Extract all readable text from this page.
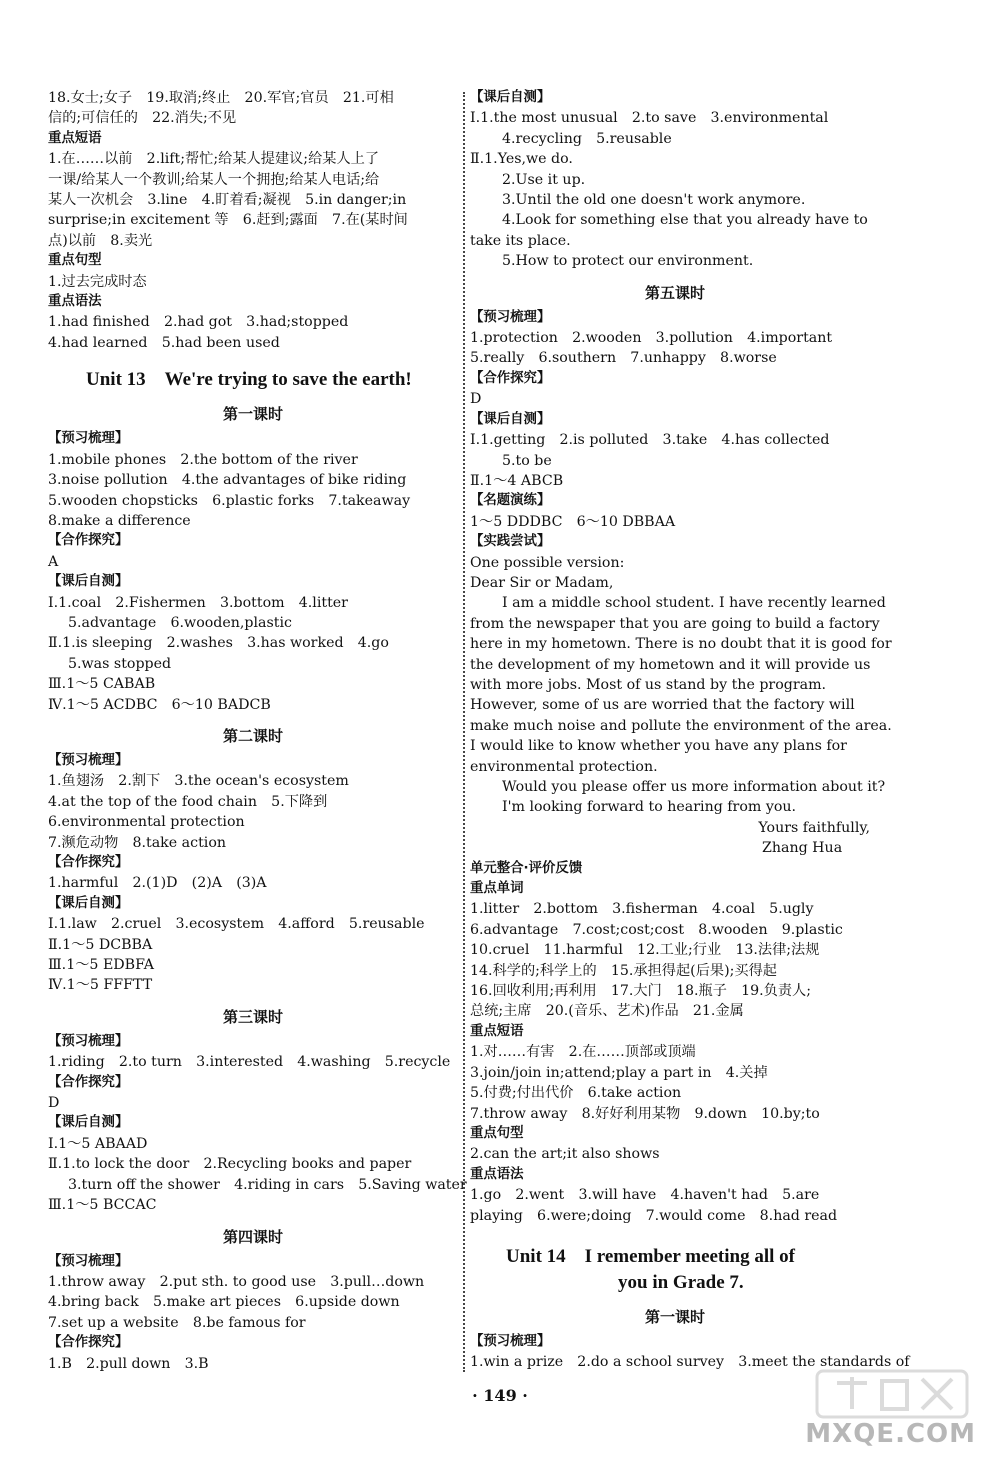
18.女士;女子　19.取消;终止　20.军官;官员　21.可相
信的;可信任的　22.消失;不见
重点短语
1.在……以前　2.lift;帮忙;给某人提建议;给某人上了
一课/给某人一个教训;给某人一个拥抱;给某人电话;给
某人一次机会　3.line　4.盯着看;凝视　5.in danger;in
surprise;in excitement 等　6.赶到;露面　7.在(某时间
点)以前　8.卖光
重点句型
1.过去完成时态
重点语法
1.had finished　2.had got　3.had;stopped
4.had learned　5.had been used
Unit 13　We're trying to save the earth!
第一课时
【预习梳理】
1.mobile phones　2.the bottom of the river
3.noise pollution　4.the advantages of bike riding
5.wooden chopsticks　6.plastic forks　7.takeaway
8.make a difference
【合作探究】
A
【课后自测】
Ⅰ.1.coal　2.Fishermen　3.bottom　4.litter
5.advantage　6.wooden,plastic
Ⅱ.1.is sleeping　2.washes　3.has worked　4.go
5.was stopped
Ⅲ.1～5 CABAB
Ⅳ.1～5 ACDBC　6～10 BADCB
第二课时
【预习梳理】
1.鱼翅汤　2.割下　3.the ocean's ecosystem
4.at the top of the food chain　5.下降到
6.environmental protection
7.濒危动物　8.take action
【合作探究】
1.harmful　2.(1)D　(2)A　(3)A
【课后自测】
Ⅰ.1.law　2.cruel　3.ecosystem　4.afford　5.reusable
Ⅱ.1～5 DCBBA
Ⅲ.1～5 EDBFA
Ⅳ.1～5 FFFTT
第三课时
【预习梳理】
1.riding　2.to turn　3.interested　4.washing　5.recycle
【合作探究】
D
【课后自测】
Ⅰ.1～5 ABAAD
Ⅱ.1.to lock the door　2.Recycling books and paper
3.turn off the shower　4.riding in cars　5.Saving water
Ⅲ.1～5 BCCAC
第四课时
【预习梳理】
1.throw away　2.put sth. to good use　3.pull…down
4.bring back　5.make art pieces　6.upside down
7.set up a website　8.be famous for
【合作探究】
1.B　2.pull down　3.B
【课后自测】
Ⅰ.1.the most unusual　2.to save　3.environmental
4.recycling　5.reusable
Ⅱ.1.Yes,we do.
2.Use it up.
3.Until the old one doesn't work anymore.
4.Look for something else that you already have to
take its place.
5.How to protect our environment.
第五课时
【预习梳理】
1.protection　2.wooden　3.pollution　4.important
5.really　6.southern　7.unhappy　8.worse
【合作探究】
D
【课后自测】
Ⅰ.1.getting　2.is polluted　3.take　4.has collected
5.to be
Ⅱ.1～4 ABCB
【名题演练】
1～5 DDDBC　6～10 DBBAA
【实践尝试】
One possible version:
Dear Sir or Madam,
I am a middle school student. I have recently learned
from the newspaper that you are going to build a factory
here in my hometown. There is no doubt that it is good for
the development of my hometown and it will provide us
with more jobs. Most of us stand by the program.
However, some of us are worried that the factory will
make much noise and pollute the environment of the area.
I would like to know whether you have any plans for
environmental protection.
Would you please offer us more information about it?
I'm looking forward to hearing from you.
Yours faithfully,
Zhang Hua
单元整合·评价反馈
重点单词
1.litter　2.bottom　3.fisherman　4.coal　5.ugly
6.advantage　7.cost;cost;cost　8.wooden　9.plastic
10.cruel　11.harmful　12.工业;行业　13.法律;法规
14.科学的;科学上的　15.承担得起(后果);买得起
16.回收利用;再利用　17.大门　18.瓶子　19.负责人;
总统;主席　20.(音乐、艺术)作品　21.金属
重点短语
1.对……有害　2.在……顶部或顶端
3.join/join in;attend;play a part in　4.关掉
5.付费;付出代价　6.take action
7.throw away　8.好好利用某物　9.down　10.by;to
重点句型
2.can the art;it also shows
重点语法
1.go　2.went　3.will have　4.haven't had　5.are
playing　6.were;doing　7.would come　8.had read
Unit 14　I remember meeting all of
you in Grade 7.
第一课时
【预习梳理】
1.win a prize　2.do a school survey　3.meet the standards of
· 149 ·
MXQE.COM
